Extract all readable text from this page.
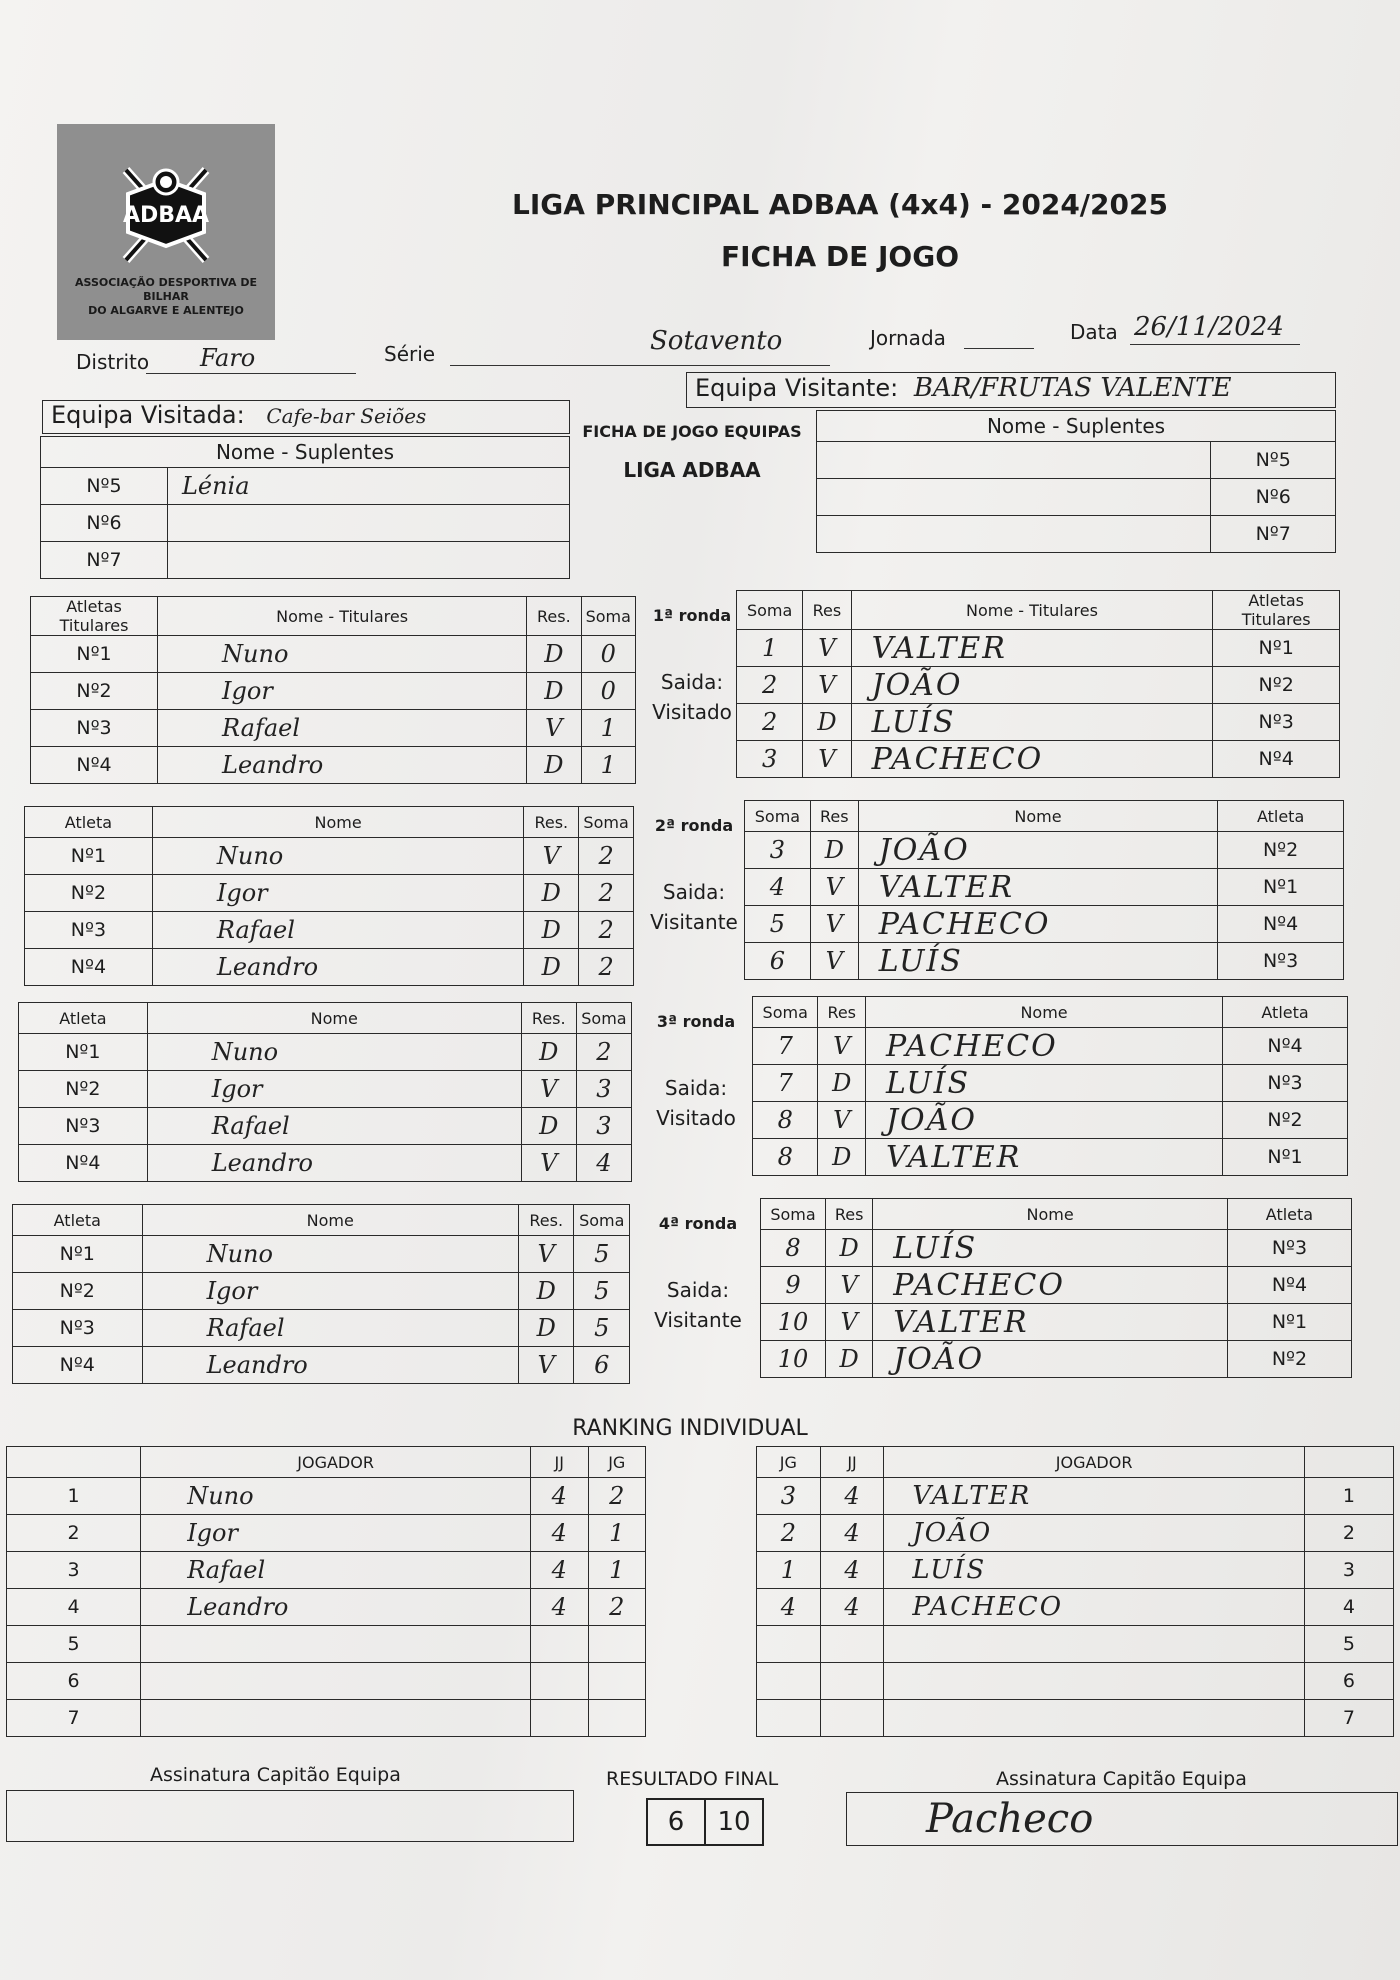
ADBAA
ASSOCIAÇÃO DESPORTIVA DE BILHAR
DO ALGARVE E ALENTEJO
LIGA PRINCIPAL ADBAA (4x4) - 2024/2025
FICHA DE JOGO
Distrito Faro	Série	Sotavento	Jornada	Data 26/11/2024
Equipa Visitada: Cafe-bar Seiões
Equipa Visitante: BAR/FRUTAS VALENTE
Nome - Suplentes	
Nº5	Lénia
Nº6	
Nº7	
Nome - Suplentes	
	Nº5
	Nº6
	Nº7
FICHA DE JOGO EQUIPAS
LIGA ADBAA
Atletas Titulares	Nome - Titulares	Res.	Soma
Nº1	Nuno	D	0
Nº2	Igor	D	0
Nº3	Rafael	V	1
Nº4	Leandro	D	1
1ª ronda
Saida:
Visitado
Soma	Res	Nome - Titulares	Atletas Titulares
1	V	VALTER	Nº1
2	V	JOÃO	Nº2
2	D	LUÍS	Nº3
3	V	PACHECO	Nº4
Atleta	Nome	Res.	Soma
Nº1	Nuno	V	2
Nº2	Igor	D	2
Nº3	Rafael	D	2
Nº4	Leandro	D	2
2ª ronda
Saida:
Visitante
Soma	Res	Nome	Atleta
3	D	JOÃO	Nº2
4	V	VALTER	Nº1
5	V	PACHECO	Nº4
6	V	LUÍS	Nº3
Atleta	Nome	Res.	Soma
Nº1	Nuno	D	2
Nº2	Igor	V	3
Nº3	Rafael	D	3
Nº4	Leandro	V	4
3ª ronda
Saida:
Visitado
Soma	Res	Nome	Atleta
7	V	PACHECO	Nº4
7	D	LUÍS	Nº3
8	V	JOÃO	Nº2
8	D	VALTER	Nº1
Atleta	Nome	Res.	Soma
Nº1	Nuno	V	5
Nº2	Igor	D	5
Nº3	Rafael	D	5
Nº4	Leandro	V	6
4ª ronda
Saida:
Visitante
Soma	Res	Nome	Atleta
8	D	LUÍS	Nº3
9	V	PACHECO	Nº4
10	V	VALTER	Nº1
10	D	JOÃO	Nº2
RANKING INDIVIDUAL
	JOGADOR	JJ	JG
1	Nuno	4	2
2	Igor	4	1
3	Rafael	4	1
4	Leandro	4	2
5			
6			
7			
JG	JJ	JOGADOR	
3	4	VALTER	1
2	4	JOÃO	2
1	4	LUÍS	3
4	4	PACHECO	4
			5
			6
			7
Assinatura Capitão Equipa	RESULTADO FINAL
6	10
Assinatura Capitão Equipa
Pacheco
